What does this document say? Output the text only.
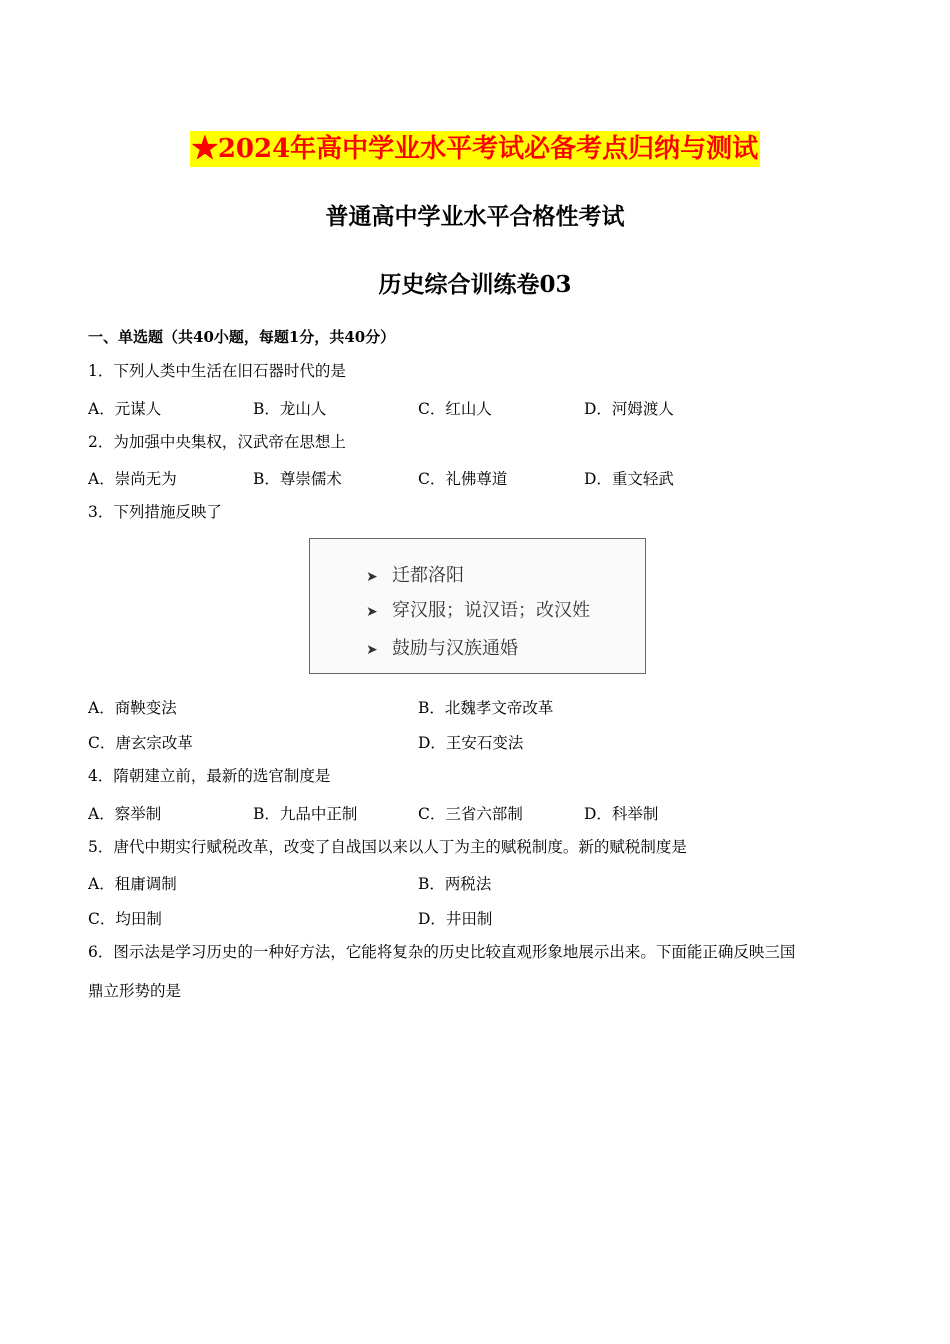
★2024年高中学业水平考试必备考点归纳与测试
普通高中学业水平合格性考试
历史综合训练卷03
一、单选题（共40小题，每题1分，共40分）
1．下列人类中生活在旧石器时代的是
A．元谋人	B．龙山人	C．红山人	D．河姆渡人
2．为加强中央集权，汉武帝在思想上
A．崇尚无为	B．尊崇儒术	C．礼佛尊道	D．重文轻武
3．下列措施反映了
➤ 迁都洛阳
➤ 穿汉服；说汉语；改汉姓
➤ 鼓励与汉族通婚
A．商鞅变法	B．北魏孝文帝改革
C．唐玄宗改革	D．王安石变法
4．隋朝建立前，最新的选官制度是
A．察举制	B．九品中正制	C．三省六部制	D．科举制
5．唐代中期实行赋税改革，改变了自战国以来以人丁为主的赋税制度。新的赋税制度是
A．租庸调制	B．两税法
C．均田制	D．井田制
6．图示法是学习历史的一种好方法，它能将复杂的历史比较直观形象地展示出来。下面能正确反映三国
鼎立形势的是
